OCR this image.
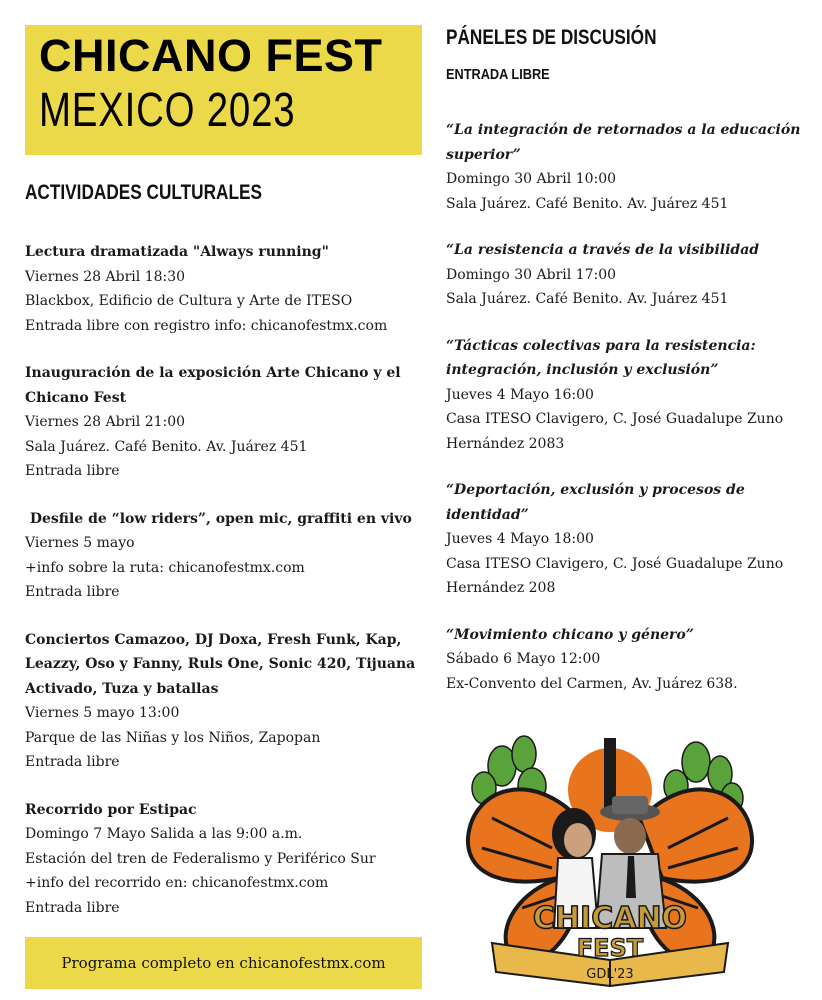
CHICANO FEST
MEXICO 2023
ACTIVIDADES CULTURALES
Lectura dramatizada "Always running"
Viernes 28 Abril 18:30
Blackbox, Edificio de Cultura y Arte de ITESO
Entrada libre con registro info: chicanofestmx.com
Inauguración de la exposición Arte Chicano y el Chicano Fest
Viernes 28 Abril 21:00
Sala Juárez. Café Benito. Av. Juárez 451
Entrada libre
Desfile de “low riders”, open mic, graffiti en vivo
Viernes 5 mayo
+info sobre la ruta: chicanofestmx.com
Entrada libre
Conciertos Camazoo, DJ Doxa, Fresh Funk, Kap, Leazzy, Oso y Fanny, Ruls One, Sonic 420, Tijuana Activado, Tuza y batallas
Viernes 5 mayo 13:00
Parque de las Niñas y los Niños, Zapopan
Entrada libre
Recorrido por Estipac
Domingo 7 Mayo Salida a las 9:00 a.m.
Estación del tren de Federalismo y Periférico Sur
+info del recorrido en: chicanofestmx.com
Entrada libre
Programa completo en chicanofestmx.com
PÁNELES DE DISCUSIÓN
ENTRADA LIBRE
“La integración de retornados a la educación superior”
Domingo 30 Abril 10:00
Sala Juárez. Café Benito. Av. Juárez 451
“La resistencia a través de la visibilidad
Domingo 30 Abril 17:00
Sala Juárez. Café Benito. Av. Juárez 451
“Tácticas colectivas para la resistencia: integración, inclusión y exclusión”
Jueves 4 Mayo 16:00
Casa ITESO Clavigero, C. José Guadalupe Zuno Hernández 2083
“Deportación, exclusión y procesos de identidad”
Jueves 4 Mayo 18:00
Casa ITESO Clavigero, C. José Guadalupe Zuno Hernández 208
“Movimiento chicano y género”
Sábado 6 Mayo 12:00
Ex-Convento del Carmen, Av. Juárez 638.
CHICANO
FEST
GDL'23
